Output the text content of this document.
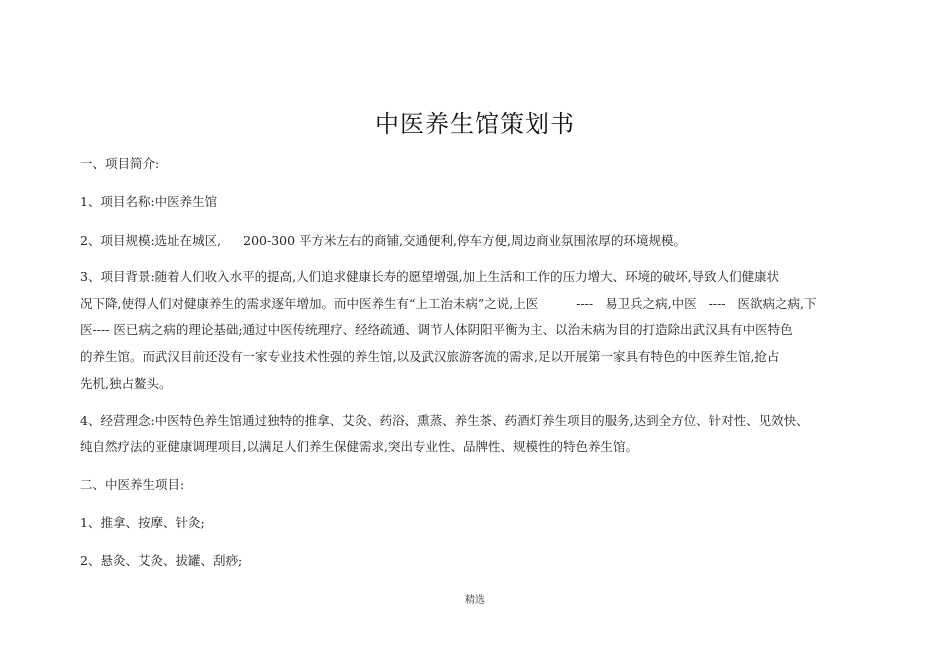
中医养生馆策划书
一、项目简介:
1、项目名称:中医养生馆
2、项目规模:选址在城区, 200-300 平方米左右的商铺,交通便利,停车方便,周边商业氛围浓厚的环境规模。
3、项目背景:随着人们收入水平的提高,人们追求健康长寿的愿望增强,加上生活和工作的压力增大、环境的破坏,导致人们健康状
况下降,使得人们对健康养生的需求逐年增加。而中医养生有“上工治未病”之说,上医	---- 易卫兵之病,中医 ---- 医欲病之病,下
医---- 医已病之病的理论基础;通过中医传统理疗、经络疏通、调节人体阴阳平衡为主、以治未病为目的打造除出武汉具有中医特色
的养生馆。而武汉目前还没有一家专业技术性强的养生馆,以及武汉旅游客流的需求,足以开展第一家具有特色的中医养生馆,抢占
先机,独占鳌头。
4、经营理念:中医特色养生馆通过独特的推拿、艾灸、药浴、熏蒸、养生茶、药酒灯养生项目的服务,达到全方位、针对性、见效快、
纯自然疗法的亚健康调理项目,以满足人们养生保健需求,突出专业性、品牌性、规模性的特色养生馆。
二、中医养生项目:
1、推拿、按摩、针灸;
2、悬灸、艾灸、拔罐、刮痧;
精选
